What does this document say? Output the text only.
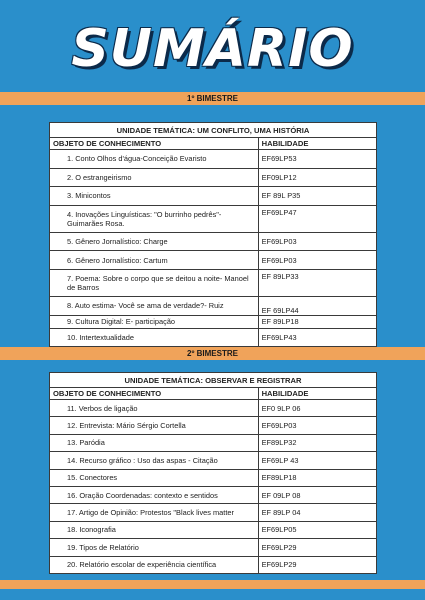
SUMÁRIO
1º BIMESTRE
UNIDADE TEMÁTICA: UM CONFLITO, UMA HISTÓRIA	
OBJETO DE CONHECIMENTO	HABILIDADE

1. Conto Olhos d'água-Conceição Evaristo	EF69LP53

2. O estrangeirismo	EF09LP12

3. Minicontos	EF 89L P35

4. Inovações Linguísticas: "O burrinho pedrês"- Guimarães Rosa.	EF69LP47

5. Gênero Jornalístico: Charge	EF69LP03

6. Gênero Jornalístico: Cartum	EF69LP03

7. Poema: Sobre o corpo que se deitou a noite- Manoel de Barros	EF 89LP33

8. Auto estima- Você se ama de verdade?- Ruiz	EF 69LP44

9. Cultura Digital: E- participação	EF 89LP18

10. Intertextualidade	EF69LP43
2º BIMESTRE
UNIDADE TEMÁTICA: OBSERVAR E REGISTRAR	
OBJETO DE CONHECIMENTO	HABILIDADE

11. Verbos de ligação	EF0 9LP 06

12. Entrevista: Mário Sérgio Cortella	EF69LP03

13. Paródia	EF89LP32

14. Recurso gráfico : Uso das aspas - Citação	EF69LP 43

15. Conectores	EF89LP18

16. Oração Coordenadas: contexto e sentidos	EF 09LP 08

17. Artigo de Opinião: Protestos "Black lives matter	EF 89LP 04

18. Iconografia	EF69LP05

19. Tipos de Relatório	EF69LP29

20. Relatório escolar de experiência científica	EF69LP29
